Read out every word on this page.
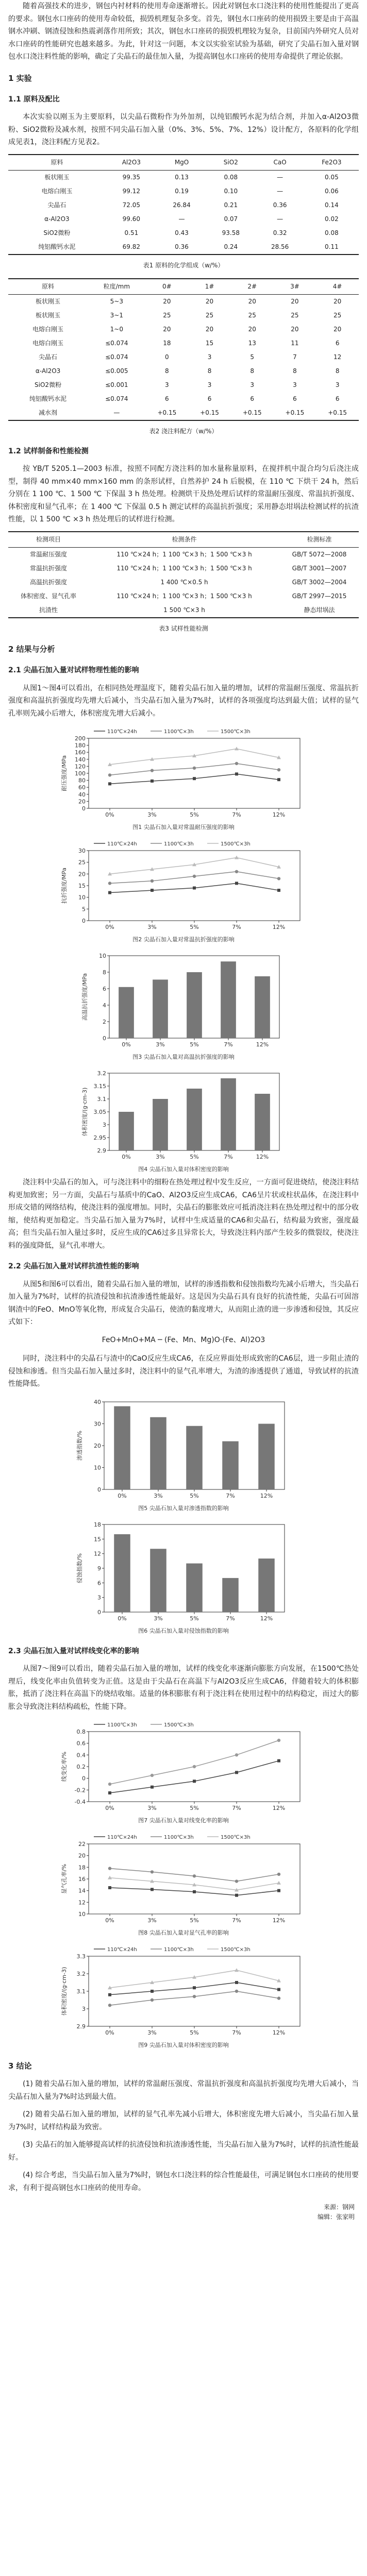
随着高强技术的进步，钢包内衬材料的使用寿命逐渐增长。因此对钢包水口浇注料的使用性能提出了更高的要求。钢包水口座砖的使用寿命较低，损毁机理复杂多变。首先，钢包水口座砖的使用损毁主要是由于高温钢水冲刷、钢渣侵蚀和热震剥落作用所致；其次，钢包水口座砖的损毁机理较为复杂，目前国内外研究人员对水口座砖的性能研究也越来越多。为此，针对这一问题，本文以实验室试验为基础，研究了尖晶石加入量对钢包水口浇注料性能的影响，确定了尖晶石的最佳加入量，为提高钢包水口座砖的使用寿命提供了理论依据。

1 实验
1.1 原料及配比

本次实验以刚玉为主要原料，以尖晶石微粉作为外加剂，以纯铝酸钙水泥为结合剂，并加入α-Al2O3微粉、SiO2微粉及减水剂，按照不同尖晶石加入量（0%、3%、5%、7%、12%）设计配方，各原料的化学组成见表1，浇注料配方见表2。

原料	Al2O3	MgO	SiO2	CaO	Fe2O3
板状刚玉	99.35	0.13	0.08	—	0.05
电熔白刚玉	99.12	0.19	0.10	—	0.06
尖晶石	72.05	26.84	0.21	0.36	0.14
α-Al2O3	99.60	—	0.07	—	0.02
SiO2微粉	0.51	0.43	93.58	0.32	0.08
纯铝酸钙水泥	69.82	0.36	0.24	28.56	0.11
表1 原料的化学组成（w/%）
原料	粒度/mm	0#	1#	2#	3#	4#
板状刚玉	5~3	20	20	20	20	20
板状刚玉	3~1	25	25	25	25	25
电熔白刚玉	1~0	20	20	20	20	20
电熔白刚玉	≤0.074	18	15	13	11	6
尖晶石	≤0.074	0	3	5	7	12
α-Al2O3	≤0.005	8	8	8	8	8
SiO2微粉	≤0.001	3	3	3	3	3
纯铝酸钙水泥	≤0.074	6	6	6	6	6
减水剂	—	+0.15	+0.15	+0.15	+0.15	+0.15
表2 浇注料配方（w/%）
1.2 试样制备和性能检测

按 YB/T 5205.1—2003 标准，按照不同配方浇注料的加水量称量原料，在搅拌机中混合均匀后浇注成型，制得 40 mm×40 mm×160 mm 的条形试样，自然养护 24 h 后脱模，在 110 ℃ 下烘干 24 h，然后分别在 1 100 ℃、1 500 ℃ 下保温 3 h 热处理。检测烘干及热处理后试样的常温耐压强度、常温抗折强度、体积密度和显气孔率；在 1 400 ℃ 下保温 0.5 h 测定试样的高温抗折强度；采用静态坩埚法检测试样的抗渣性能，以 1 500 ℃ ×3 h 热处理后的试样进行检测。

检测项目	检测条件	检测标准
常温耐压强度	110 ℃×24 h；1 100 ℃×3 h；1 500 ℃×3 h	GB/T 5072—2008
常温抗折强度	110 ℃×24 h；1 100 ℃×3 h；1 500 ℃×3 h	GB/T 3001—2007
高温抗折强度	1 400 ℃×0.5 h	GB/T 3002—2004
体积密度、显气孔率	110 ℃×24 h；1 100 ℃×3 h；1 500 ℃×3 h	GB/T 2997—2015
抗渣性	1 500 ℃×3 h	静态坩埚法
表3 试样性能检测
2 结果与分析
2.1 尖晶石加入量对试样物理性能的影响

从图1～图4可以看出，在相同热处理温度下，随着尖晶石加入量的增加，试样的常温耐压强度、常温抗折强度和高温抗折强度均先增大后减小，当尖晶石加入量为7%时，试样的各项强度均达到最大值；试样的显气孔率则先减小后增大，体积密度先增大后减小。

0
20
40
60
80
100
120
140
160
180
200
耐压强度/MPa
0%	3%	5%	7%	12%
110℃×24h	1100℃×3h	1500℃×3h
图1 尖晶石加入量对常温耐压强度的影响
0
5
10
15
20
25
30
抗折强度/MPa
0%	3%	5%	7%	12%
110℃×24h	1100℃×3h	1500℃×3h
图2 尖晶石加入量对常温抗折强度的影响
0
2
4
6
8
10
高温抗折强度/MPa
0%	3%	5%	7%	12%
图3 尖晶石加入量对高温抗折强度的影响
2.9
2.95
3
3.05
3.1
3.15
3.2
体积密度/(g·cm-3)
0%	3%	5%	7%	12%
图4 尖晶石加入量对体积密度的影响

浇注料中尖晶石的加入，可与浇注料中的细粉在热处理过程中发生反应，一方面可促进烧结，使浇注料结构更加致密；另一方面，尖晶石与基质中的CaO、Al2O3反应生成CA6，CA6呈片状或柱状晶体，在浇注料中形成交错的网络结构，使浇注料的强度增加。同时，尖晶石的膨胀效应可抵消浇注料在热处理过程中的部分收缩，使结构更加稳定。当尖晶石加入量为7%时，试样中生成适量的CA6和尖晶石，结构最为致密，强度最高；但当尖晶石加入量过多时，反应生成的CA6过多且异常长大，导致浇注料内部产生较多的微裂纹，使浇注料的强度降低，显气孔率增大。

2.2 尖晶石加入量对试样抗渣性能的影响

从图5和图6可以看出，随着尖晶石加入量的增加，试样的渗透指数和侵蚀指数均先减小后增大，当尖晶石加入量为7%时，试样的抗渣侵蚀和抗渣渗透性能最好。这是因为尖晶石具有良好的抗渣性能，尖晶石可固溶钢渣中的FeO、MnO等氧化物，形成复合尖晶石，使渣的黏度增大，从而阻止渣的进一步渗透和侵蚀，其反应式如下：

FeO+MnO+MA ─ (Fe、Mn、Mg)O·(Fe、Al)2O3

同时，浇注料中的尖晶石与渣中的CaO反应生成CA6，在反应界面处形成致密的CA6层，进一步阻止渣的侵蚀和渗透。但当尖晶石加入量过多时，浇注料中的显气孔率增大，为渣的渗透提供了通道，导致试样的抗渣性能降低。

0
10
20
30
40
渗透指数/%
0%	3%	5%	7%	12%
图5 尖晶石加入量对渗透指数的影响
0
3
6
9
12
15
18
侵蚀指数/%
0%	3%	5%	7%	12%
图6 尖晶石加入量对侵蚀指数的影响
2.3 尖晶石加入量对试样线变化率的影响

从图7～图9可以看出，随着尖晶石加入量的增加，试样的线变化率逐渐向膨胀方向发展，在1500℃热处理后，线变化率由负值转变为正值。这是由于尖晶石在高温下与Al2O3反应生成CA6，伴随着较大的体积膨胀，抵消了浇注料在高温下的烧结收缩。适量的体积膨胀有利于浇注料在使用过程中的结构稳定，而过大的膨胀会导致浇注料结构疏松，性能下降。

-0.4
-0.2
0
0.2
0.4
0.6
0.8
线变化率/%
0%	3%	5%	7%	12%
1100℃×3h	1500℃×3h
图7 尖晶石加入量对线变化率的影响
10
12
14
16
18
20
22
显气孔率/%
0%	3%	5%	7%	12%
110℃×24h	1100℃×3h	1500℃×3h
图8 尖晶石加入量对显气孔率的影响
2.9
3
3.1
3.2
3.3
体积密度/(g·cm-3)
0%	3%	5%	7%	12%
110℃×24h	1100℃×3h	1500℃×3h
图9 尖晶石加入量对体积密度的影响
3 结论

(1) 随着尖晶石加入量的增加，试样的常温耐压强度、常温抗折强度和高温抗折强度均先增大后减小，当尖晶石加入量为7%时达到最大值。

(2) 随着尖晶石加入量的增加，试样的显气孔率先减小后增大，体积密度先增大后减小，当尖晶石加入量为7%时，试样结构最为致密。

(3) 尖晶石的加入能够提高试样的抗渣侵蚀和抗渣渗透性能，当尖晶石加入量为7%时，试样的抗渣性能最好。

(4) 综合考虑，当尖晶石加入量为7%时，钢包水口浇注料的综合性能最佳，可满足钢包水口座砖的使用要求，有利于提高钢包水口座砖的使用寿命。

来源：钢网
编辑：张家明
